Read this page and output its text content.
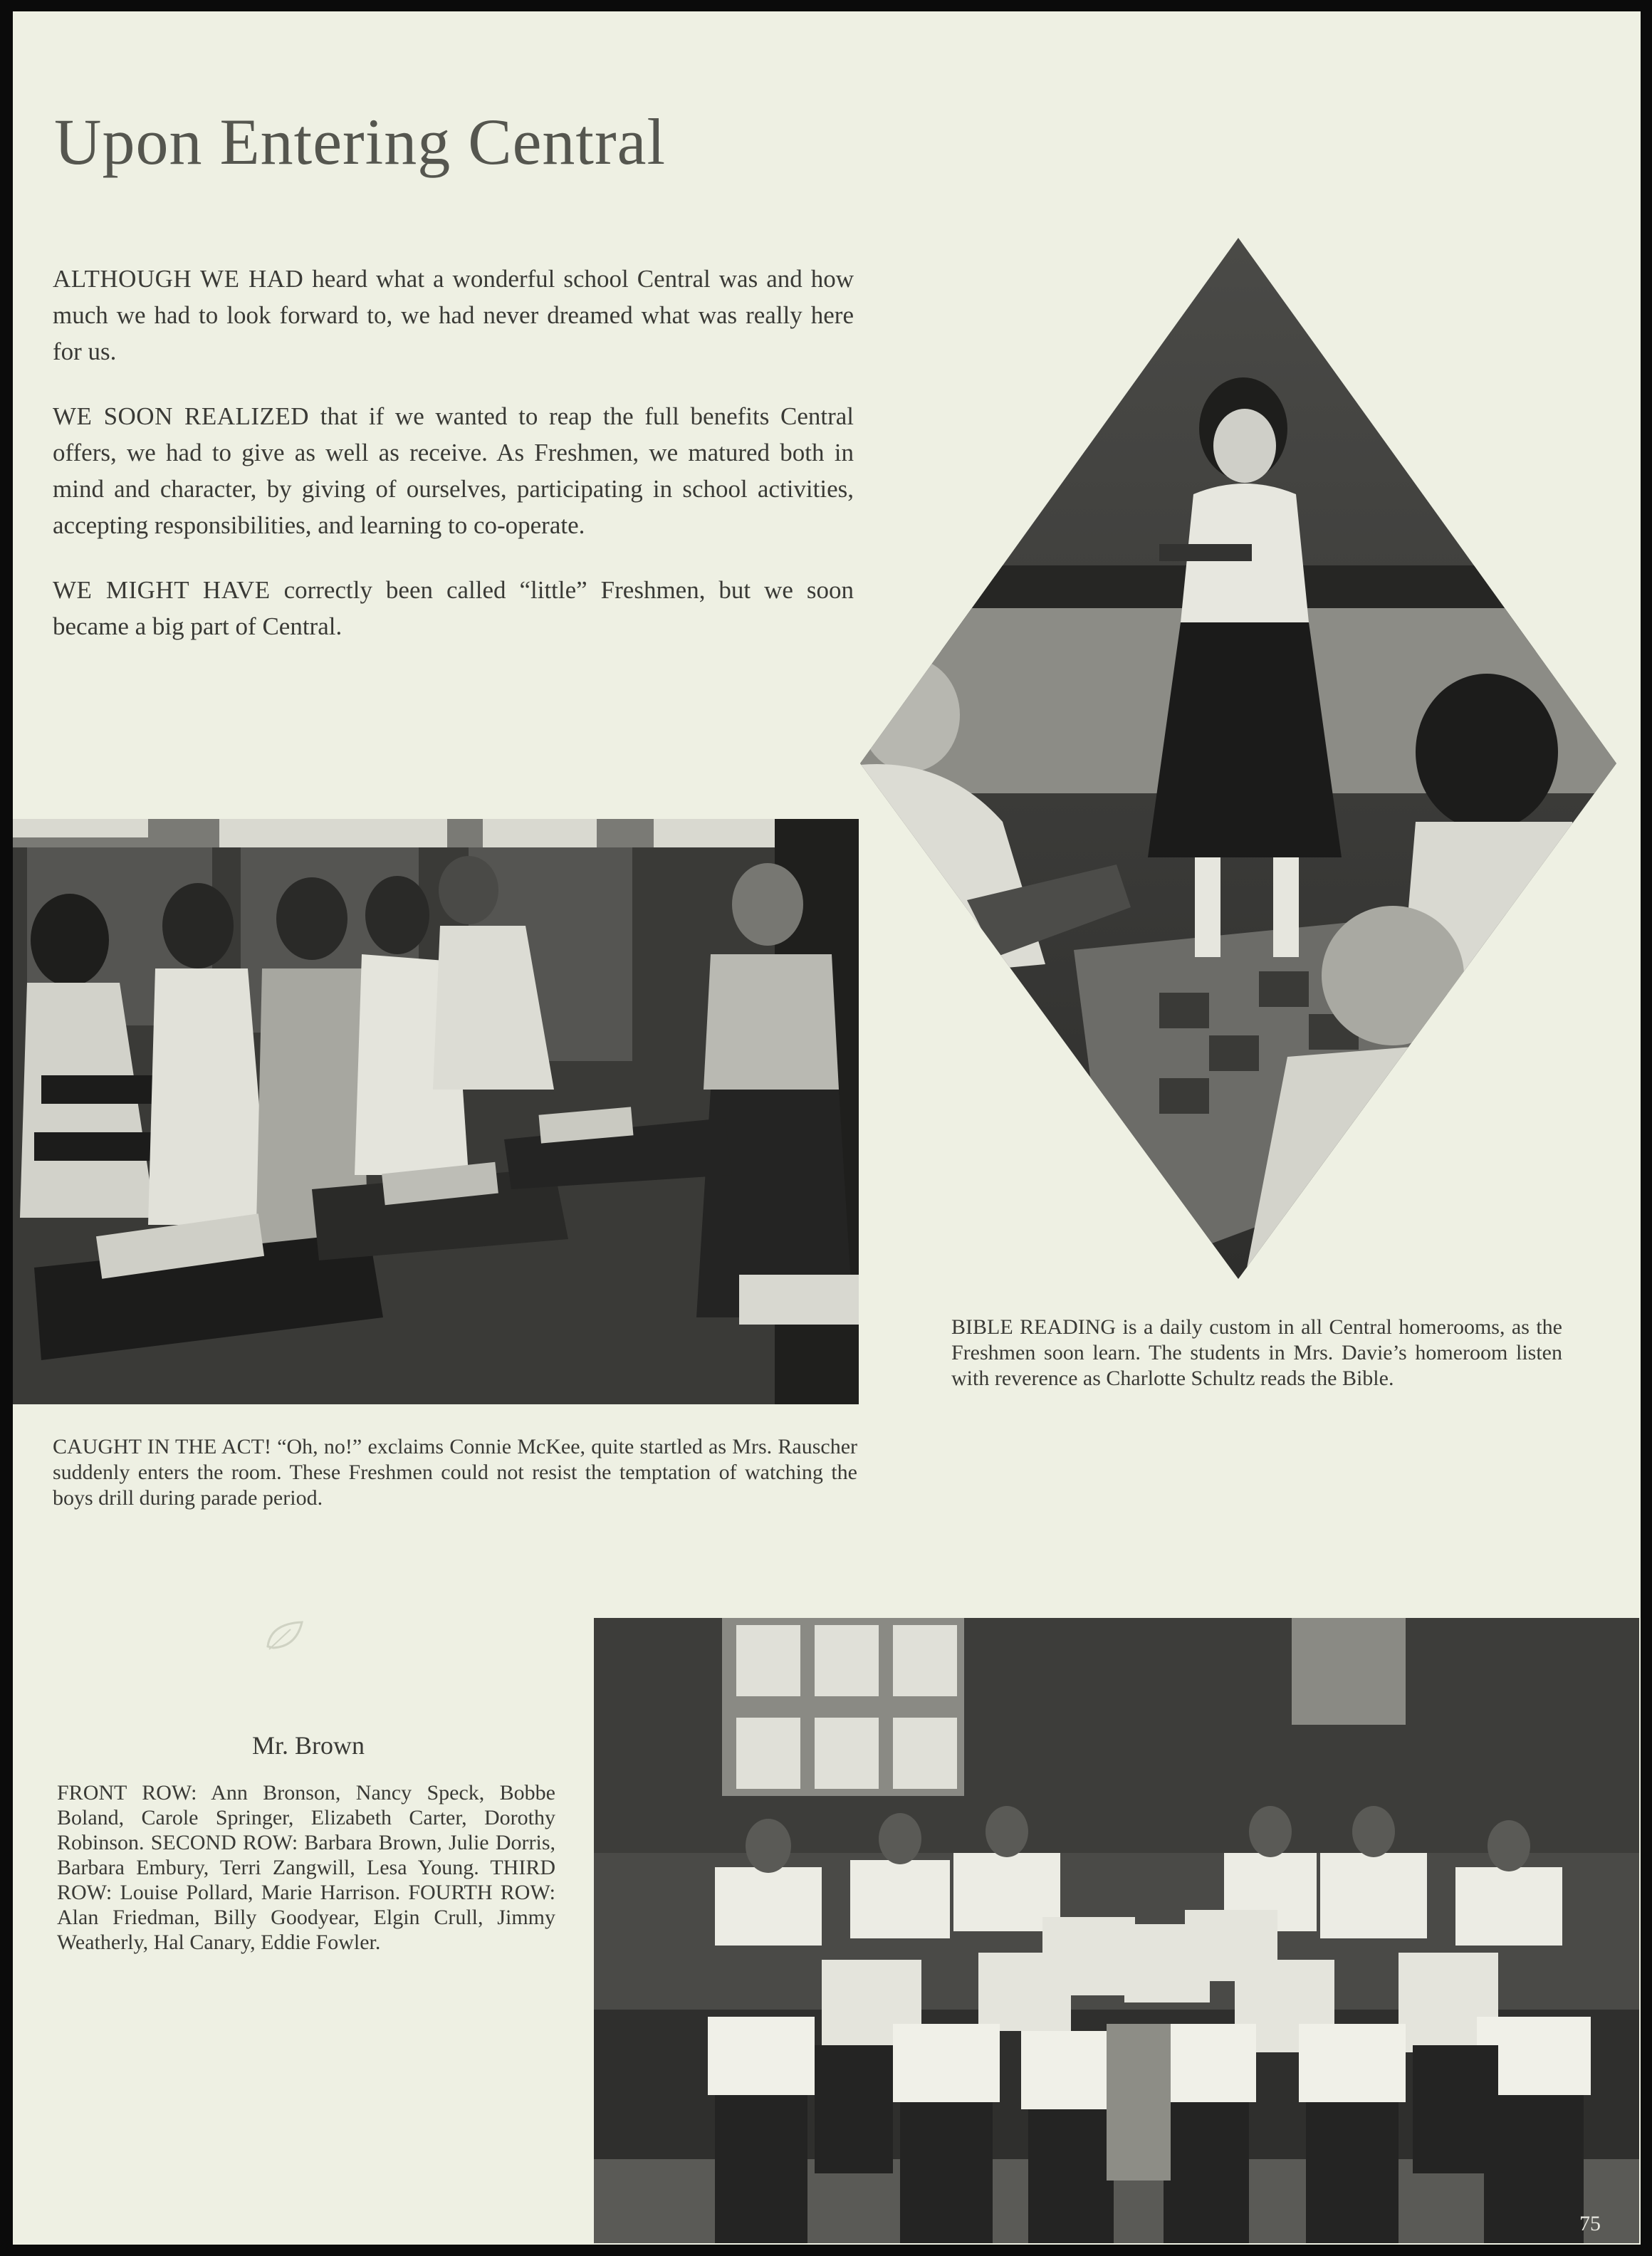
Upon Entering Central

ALTHOUGH WE HAD heard what a wonderful school Central was and how much we had to look forward to, we had never dreamed what was really here for us.

WE SOON REALIZED that if we wanted to reap the full benefits Central offers, we had to give as well as receive. As Freshmen, we matured both in mind and character, by giving of ourselves, participating in school activities, accepting responsibilities, and learning to co-operate.

WE MIGHT HAVE correctly been called “little” Freshmen, but we soon became a big part of Central.

CAUGHT IN THE ACT! “Oh, no!” exclaims Connie McKee, quite startled as Mrs. Rauscher suddenly enters the room. These Freshmen could not resist the temptation of watching the boys drill during parade period.

BIBLE READING is a daily custom in all Central homerooms, as the Freshmen soon learn. The students in Mrs. Davie’s homeroom listen with reverence as Charlotte Schultz reads the Bible.

Mr. Brown

FRONT ROW: Ann Bronson, Nancy Speck, Bobbe Boland, Carole Springer, Elizabeth Carter, Dorothy Robinson. SECOND ROW: Barbara Brown, Julie Dorris, Barbara Embury, Terri Zangwill, Lesa Young. THIRD ROW: Louise Pollard, Marie Harrison. FOURTH ROW: Alan Friedman, Billy Goodyear, Elgin Crull, Jimmy Weatherly, Hal Canary, Eddie Fowler.

75
